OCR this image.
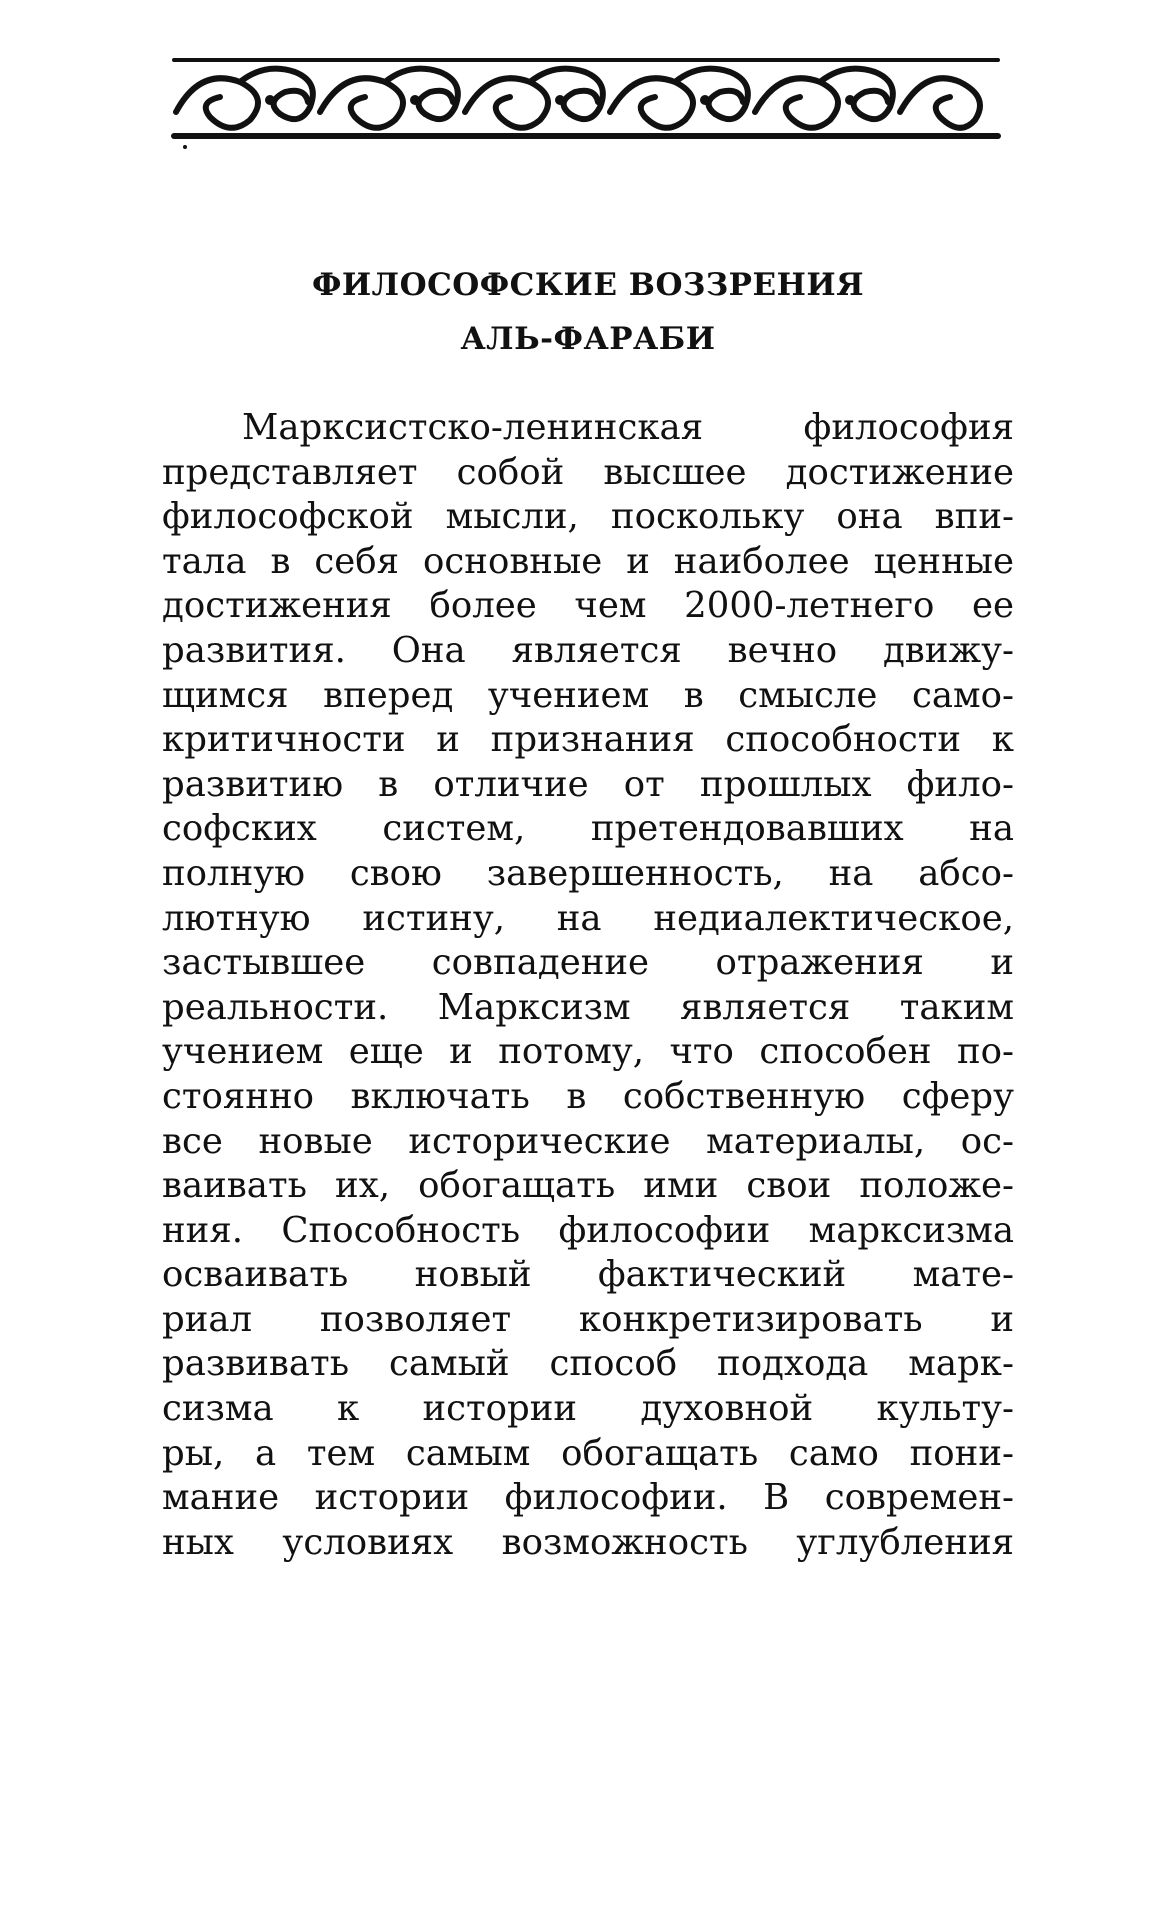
ФИЛОСОФСКИЕ ВОЗЗРЕНИЯ
АЛЬ-ФАРАБИ
Марксистско-ленинская философия
представляет собой высшее достижение
философской мысли, поскольку она впи-
тала в себя основные и наиболее ценные
достижения более чем 2000-летнего ее
развития. Она является вечно движу-
щимся вперед учением в смысле само-
критичности и признания способности к
развитию в отличие от прошлых фило-
софских систем, претендовавших на
полную свою завершенность, на абсо-
лютную истину, на недиалектическое,
застывшее совпадение отражения и
реальности. Марксизм является таким
учением еще и потому, что способен по-
стоянно включать в собственную сферу
все новые исторические материалы, ос-
ваивать их, обогащать ими свои положе-
ния. Способность философии марксизма
осваивать новый фактический мате-
риал позволяет конкретизировать и
развивать самый способ подхода марк-
сизма к истории духовной культу-
ры, а тем самым обогащать само пони-
мание истории философии. В современ-
ных условиях возможность углубления
